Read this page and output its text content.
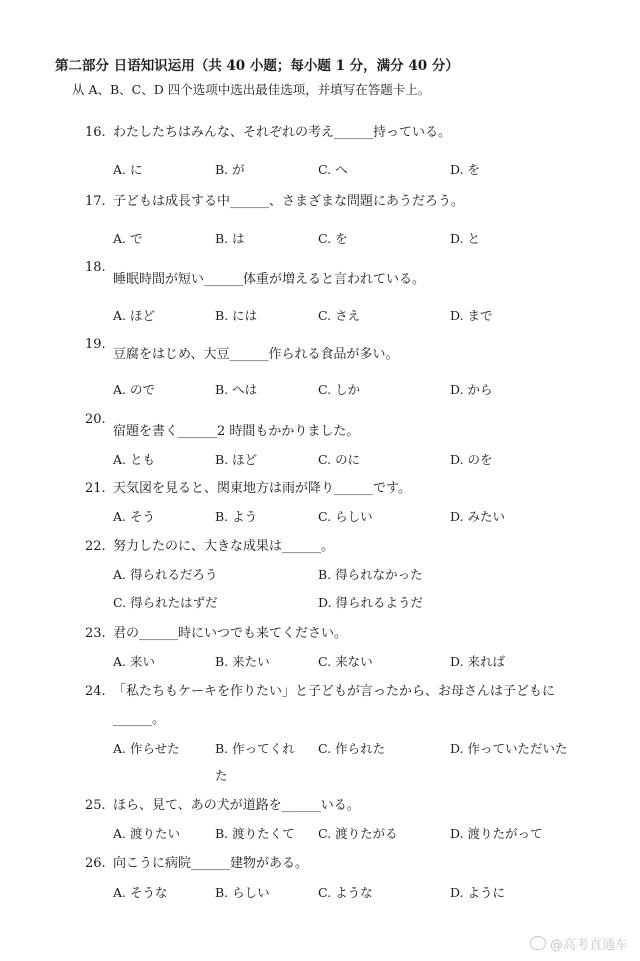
第二部分 日语知识运用（共 40 小题；每小题 1 分，满分 40 分）
从 A、B、C、D 四个选项中选出最佳选项，并填写在答题卡上。
16. わたしたちはみんな、それぞれの考え______持っている。
A. に	B. が	C. へ	D. を
17. 子どもは成長する中______、さまざまな問題にあうだろう。
A. で	B. は	C. を	D. と
18.
睡眠時間が短い______体重が増えると言われている。
A. ほど	B. には	C. さえ	D. まで
19.
豆腐をはじめ、大豆______作られる食品が多い。
A. ので	B. へは	C. しか	D. から
20.
宿題を書く______2 時間もかかりました。
A. とも	B. ほど	C. のに	D. のを
21. 天気図を見ると、関東地方は雨が降り______です。
A. そう	B. よう	C. らしい	D. みたい
22. 努力したのに、大きな成果は______。
A. 得られるだろう	B. 得られなかった
C. 得られたはずだ	D. 得られるようだ
23. 君の______時にいつでも来てください。
A. 来い	B. 来たい	C. 来ない	D. 来れば
24. 「私たちもケーキを作りたい」と子どもが言ったから、お母さんは子どもに
______。
A. 作らせた	B. 作ってくれ C. 作られた	D. 作っていただいた
た
25. ほら、見て、あの犬が道路を______いる。
A. 渡りたい	B. 渡りたくて C. 渡りたがる	D. 渡りたがって
26. 向こうに病院______建物がある。
A. そうな	B. らしい	C. ような	D. ように
@高考直通车
